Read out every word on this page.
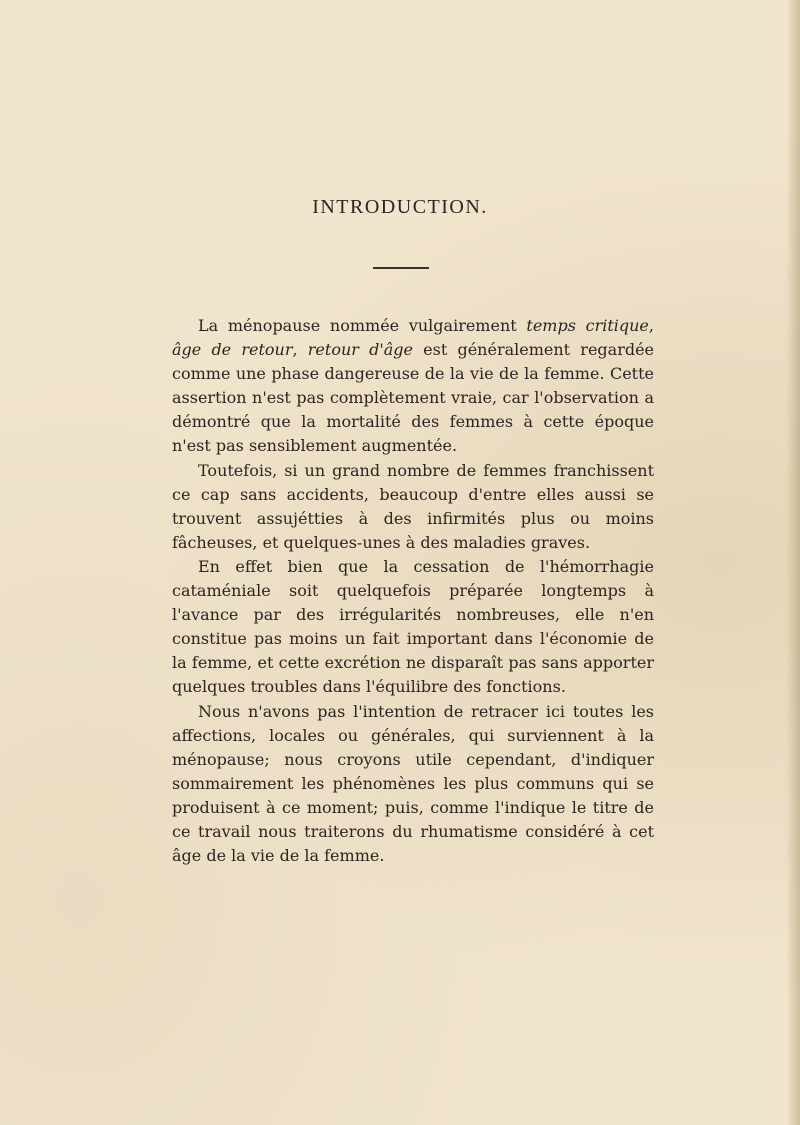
INTRODUCTION.

La ménopause nommée vulgairement temps critique, âge de retour, retour d'âge est généralement regardée comme une phase dangereuse de la vie de la femme. Cette assertion n'est pas complètement vraie, car l'observation a démontré que la mortalité des femmes à cette époque n'est pas sensiblement augmentée.

Toutefois, si un grand nombre de femmes franchissent ce cap sans accidents, beaucoup d'entre elles aussi se trouvent assujétties à des infirmités plus ou moins fâcheuses, et quelques-unes à des maladies graves.

En effet bien que la cessation de l'hémorrhagie cataméniale soit quelquefois préparée longtemps à l'avance par des irrégularités nombreuses, elle n'en constitue pas moins un fait important dans l'économie de la femme, et cette excrétion ne disparaît pas sans apporter quelques troubles dans l'équilibre des fonctions.

Nous n'avons pas l'intention de retracer ici toutes les affections, locales ou générales, qui surviennent à la ménopause; nous croyons utile cependant, d'indiquer sommairement les phénomènes les plus communs qui se produisent à ce moment; puis, comme l'indique le titre de ce travail nous traiterons du rhumatisme considéré à cet âge de la vie de la femme.
